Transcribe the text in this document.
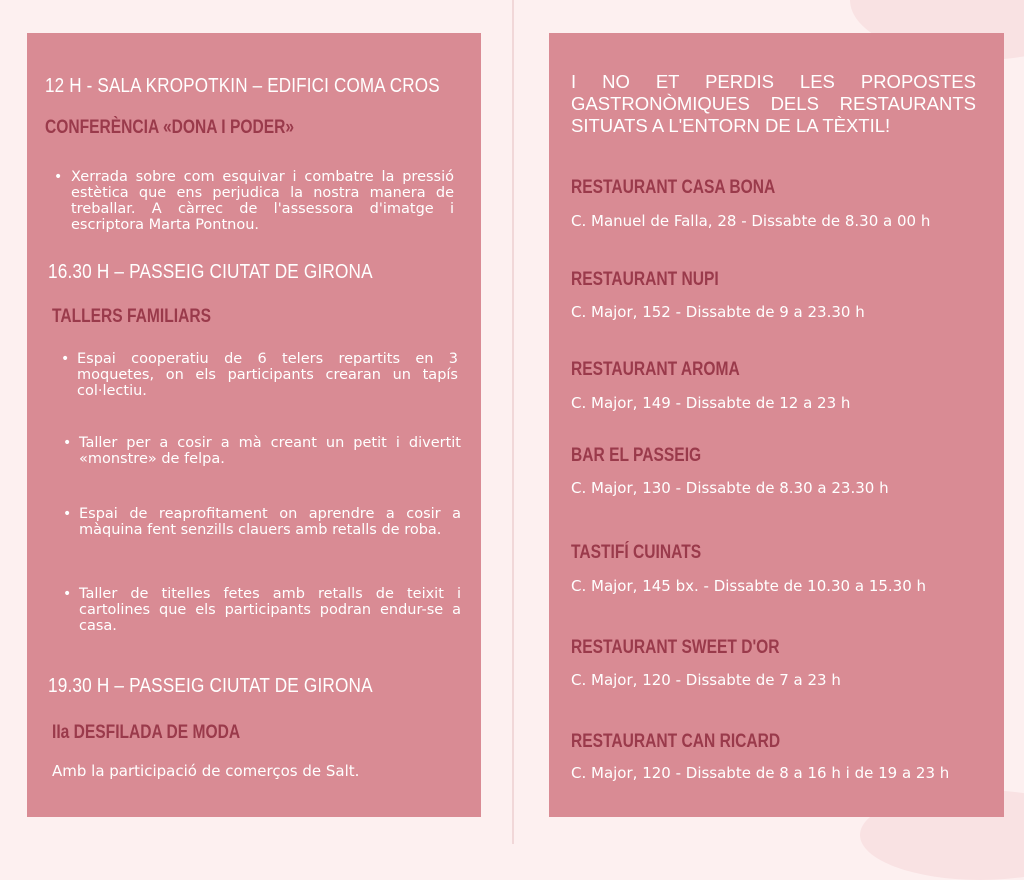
12 H - SALA KROPOTKIN – EDIFICI COMA CROS
CONFERÈNCIA «DONA I PODER»
• Xerrada sobre com esquivar i combatre la pressió estètica que ens perjudica la nostra manera de treballar. A càrrec de l'assessora d'imatge i escriptora Marta Pontnou.
16.30 H – PASSEIG CIUTAT DE GIRONA
TALLERS FAMILIARS
• Espai cooperatiu de 6 telers repartits en 3 moquetes, on els participants crearan un tapís col·lectiu.
• Taller per a cosir a mà creant un petit i divertit «monstre» de felpa.
• Espai de reaprofitament on aprendre a cosir a màquina fent senzills clauers amb retalls de roba.
• Taller de titelles fetes amb retalls de teixit i cartolines que els participants podran endur-se a casa.
19.30 H – PASSEIG CIUTAT DE GIRONA
IIa DESFILADA DE MODA
Amb la participació de comerços de Salt.
I NO ET PERDIS LES PROPOSTES GASTRONÒMIQUES DELS RESTAURANTS SITUATS A L'ENTORN DE LA TÈXTIL!
RESTAURANT CASA BONA
C. Manuel de Falla, 28 - Dissabte de 8.30 a 00 h
RESTAURANT NUPI
C. Major, 152 - Dissabte de 9 a 23.30 h
RESTAURANT AROMA
C. Major, 149 - Dissabte de 12 a 23 h
BAR EL PASSEIG
C. Major, 130 - Dissabte de 8.30 a 23.30 h
TASTIFÍ CUINATS
C. Major, 145 bx. - Dissabte de 10.30 a 15.30 h
RESTAURANT SWEET D'OR
C. Major, 120 - Dissabte de 7 a 23 h
RESTAURANT CAN RICARD
C. Major, 120 - Dissabte de 8 a 16 h i de 19 a 23 h
